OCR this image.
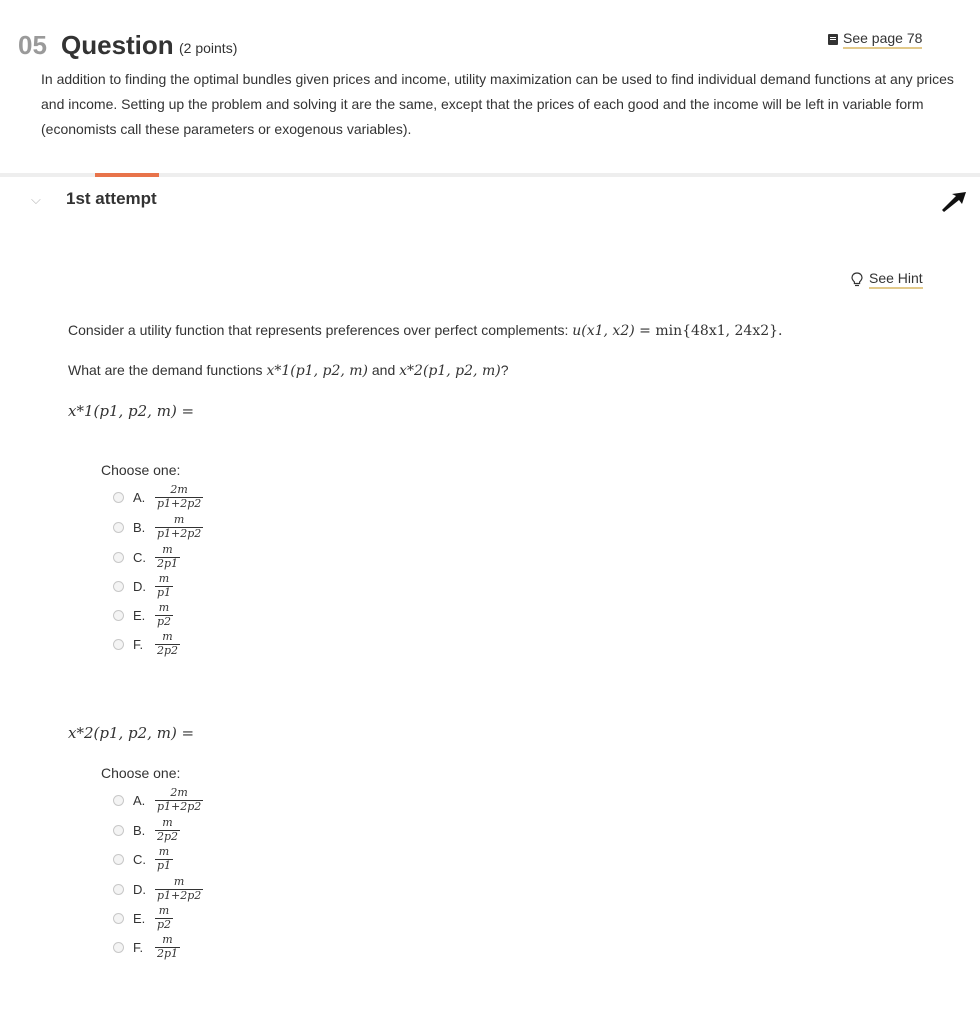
05 Question (2 points)
See page 78
In addition to finding the optimal bundles given prices and income, utility maximization can be used to find individual demand functions at any prices and income. Setting up the problem and solving it are the same, except that the prices of each good and the income will be left in variable form (economists call these parameters or exogenous variables).
⌵ 1st attempt
See Hint
Consider a utility function that represents preferences over perfect complements: u(x1, x2) = min{48x1, 24x2}.
What are the demand functions x*1(p1, p2, m) and x*2(p1, p2, m)?
x*1(p1, p2, m) =
Choose one:
A. $\frac{2m}{p1+2p2}$
B. $\frac{m}{p1+2p2}$
C. $\frac{m}{2p1}$
D. $\frac{m}{p1}$
E. $\frac{m}{p2}$
F.	$\frac{m}{2p2}$
x*2(p1, p2, m) =
Choose one:
A. $\frac{2m}{p1+2p2}$
B. $\frac{m}{2p2}$
C. $\frac{m}{p1}$
D. $\frac{m}{p1+2p2}$
E. $\frac{m}{p2}$
F.	$\frac{m}{2p1}$
